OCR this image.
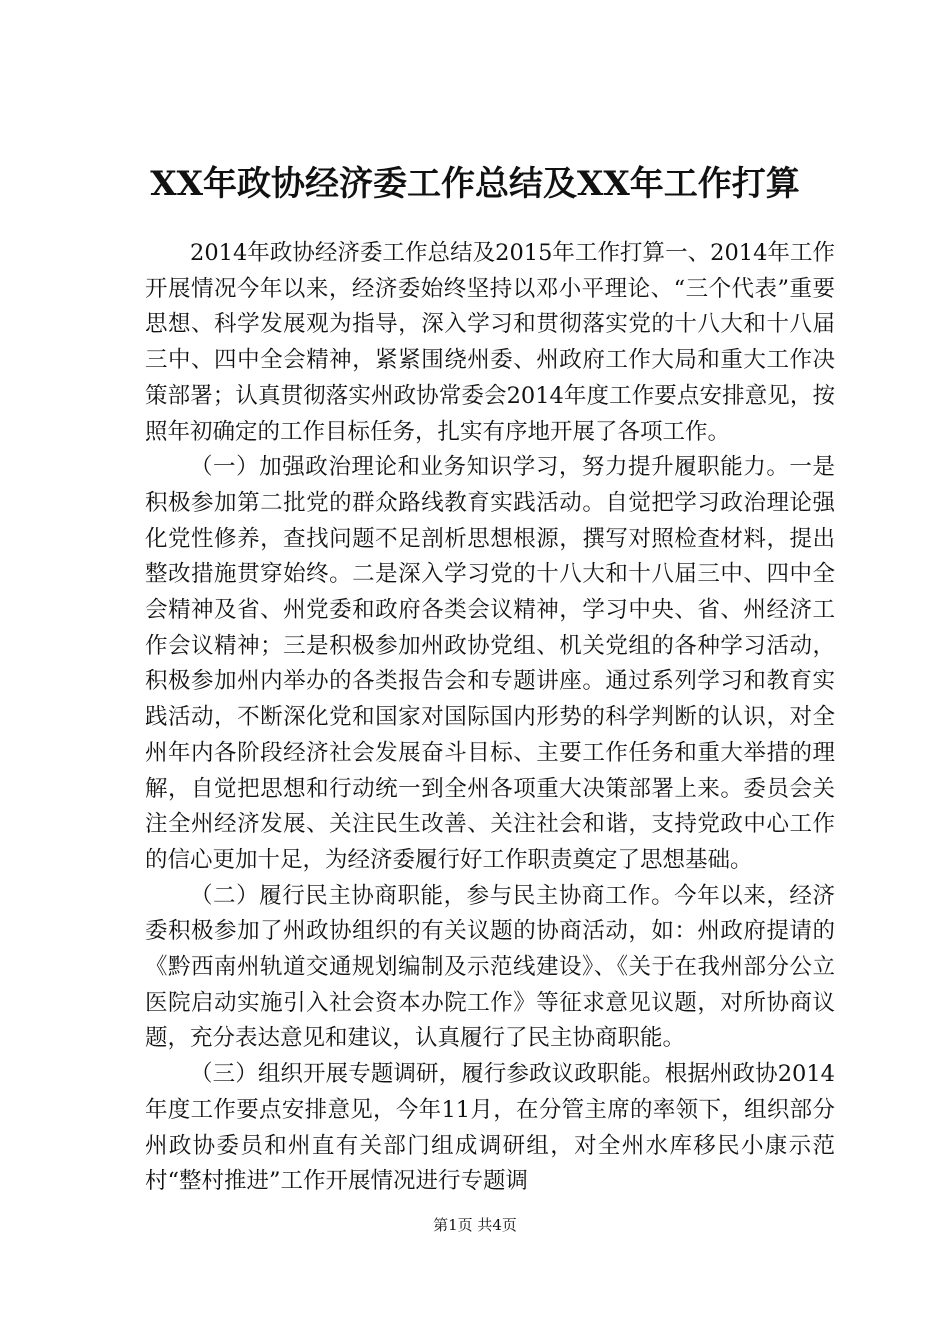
XX年政协经济委工作总结及XX年工作打算

2014年政协经济委工作总结及2015年工作打算一、2014年工作开展情况今年以来，经济委始终坚持以邓小平理论、“三个代表”重要思想、科学发展观为指导，深入学习和贯彻落实党的十八大和十八届三中、四中全会精神，紧紧围绕州委、州政府工作大局和重大工作决策部署；认真贯彻落实州政协常委会2014年度工作要点安排意见，按照年初确定的工作目标任务，扎实有序地开展了各项工作。

（一）加强政治理论和业务知识学习，努力提升履职能力。一是积极参加第二批党的群众路线教育实践活动。自觉把学习政治理论强化党性修养，查找问题不足剖析思想根源，撰写对照检查材料，提出整改措施贯穿始终。二是深入学习党的十八大和十八届三中、四中全会精神及省、州党委和政府各类会议精神，学习中央、省、州经济工作会议精神；三是积极参加州政协党组、机关党组的各种学习活动，积极参加州内举办的各类报告会和专题讲座。通过系列学习和教育实践活动，不断深化党和国家对国际国内形势的科学判断的认识，对全州年内各阶段经济社会发展奋斗目标、主要工作任务和重大举措的理解，自觉把思想和行动统一到全州各项重大决策部署上来。委员会关注全州经济发展、关注民生改善、关注社会和谐，支持党政中心工作的信心更加十足，为经济委履行好工作职责奠定了思想基础。

（二）履行民主协商职能，参与民主协商工作。今年以来，经济委积极参加了州政协组织的有关议题的协商活动，如：州政府提请的《黔西南州轨道交通规划编制及示范线建设》、《关于在我州部分公立医院启动实施引入社会资本办院工作》等征求意见议题，对所协商议题，充分表达意见和建议，认真履行了民主协商职能。

（三）组织开展专题调研，履行参政议政职能。根据州政协2014年度工作要点安排意见，今年11月，在分管主席的率领下，组织部分州政协委员和州直有关部门组成调研组，对全州水库移民小康示范村“整村推进”工作开展情况进行专题调

第1页 共4页
